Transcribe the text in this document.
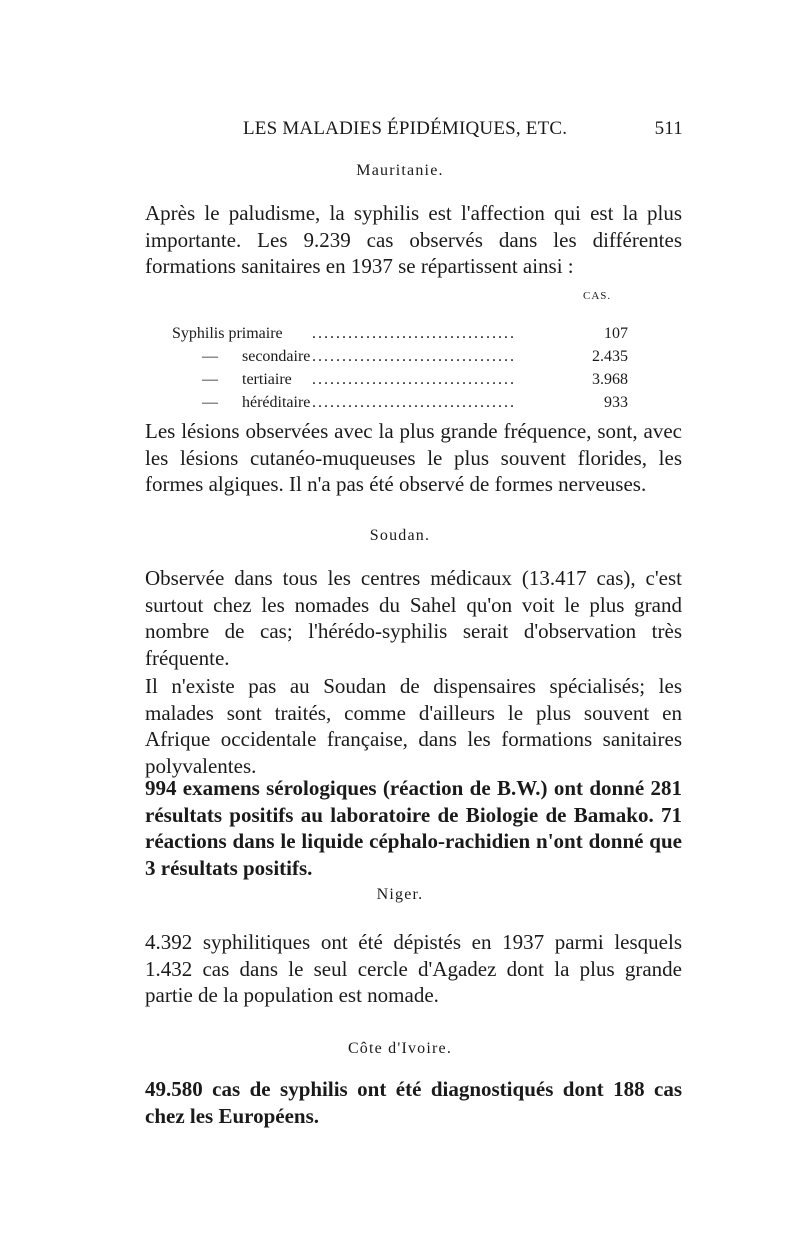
LES MALADIES ÉPIDÉMIQUES, ETC.	511
Mauritanie.

Après le paludisme, la syphilis est l'affection qui est la plus importante. Les 9.239 cas observés dans les différentes formations sanitaires en 1937 se répartissent ainsi :

CAS.
Syphilis primaire ..................................	107
— secondaire ..................................	2.435
— tertiaire ..................................	3.968
— héréditaire ..................................	933

Les lésions observées avec la plus grande fréquence, sont, avec les lésions cutanéo-muqueuses le plus souvent florides, les formes algiques. Il n'a pas été observé de formes nerveuses.

Soudan.

Observée dans tous les centres médicaux (13.417 cas), c'est surtout chez les nomades du Sahel qu'on voit le plus grand nombre de cas; l'hérédo-syphilis serait d'observation très fréquente.

Il n'existe pas au Soudan de dispensaires spécialisés; les malades sont traités, comme d'ailleurs le plus souvent en Afrique occidentale française, dans les formations sanitaires polyvalentes.

994 examens sérologiques (réaction de B.W.) ont donné 281 résultats positifs au laboratoire de Biologie de Bamako. 71 réactions dans le liquide céphalo-rachidien n'ont donné que 3 résultats positifs.

Niger.

4.392 syphilitiques ont été dépistés en 1937 parmi lesquels 1.432 cas dans le seul cercle d'Agadez dont la plus grande partie de la population est nomade.

Côte d'Ivoire.

49.580 cas de syphilis ont été diagnostiqués dont 188 cas chez les Européens.
